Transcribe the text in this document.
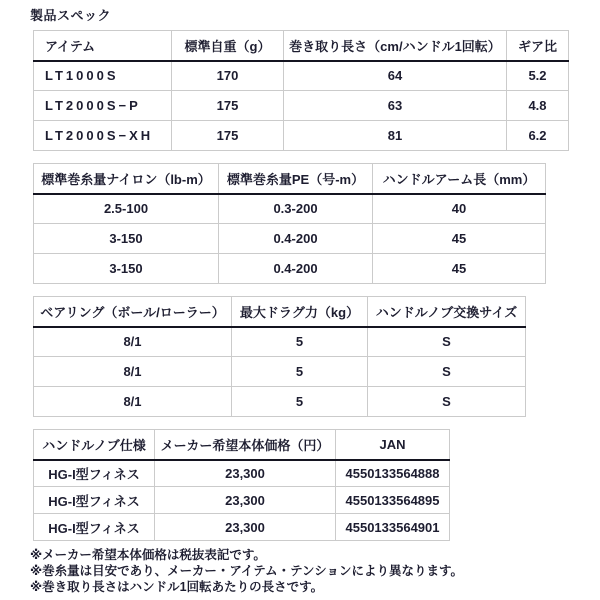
製品スペック
アイテム	標準自重（g）	巻き取り長さ（cm/ハンドル1回転）	ギア比
LT1000S	170	64	5.2
LT2000S−P	175	63	4.8
LT2000S−XH	175	81	6.2
標準巻糸量ナイロン（lb-m）	標準巻糸量PE（号-m）	ハンドルアーム長（mm）
2.5-100	0.3-200	40
3-150	0.4-200	45
3-150	0.4-200	45
ベアリング（ボール/ローラー）	最大ドラグ力（kg）	ハンドルノブ交換サイズ
8/1	5	S
8/1	5	S
8/1	5	S
ハンドルノブ仕様	メーカー希望本体価格（円）	JAN
HG-I型フィネス	23,300	4550133564888
HG-I型フィネス	23,300	4550133564895
HG-I型フィネス	23,300	4550133564901
※メーカー希望本体価格は税抜表記です。
※巻糸量は目安であり、メーカー・アイテム・テンションにより異なります。
※巻き取り長さはハンドル1回転あたりの長さです。
